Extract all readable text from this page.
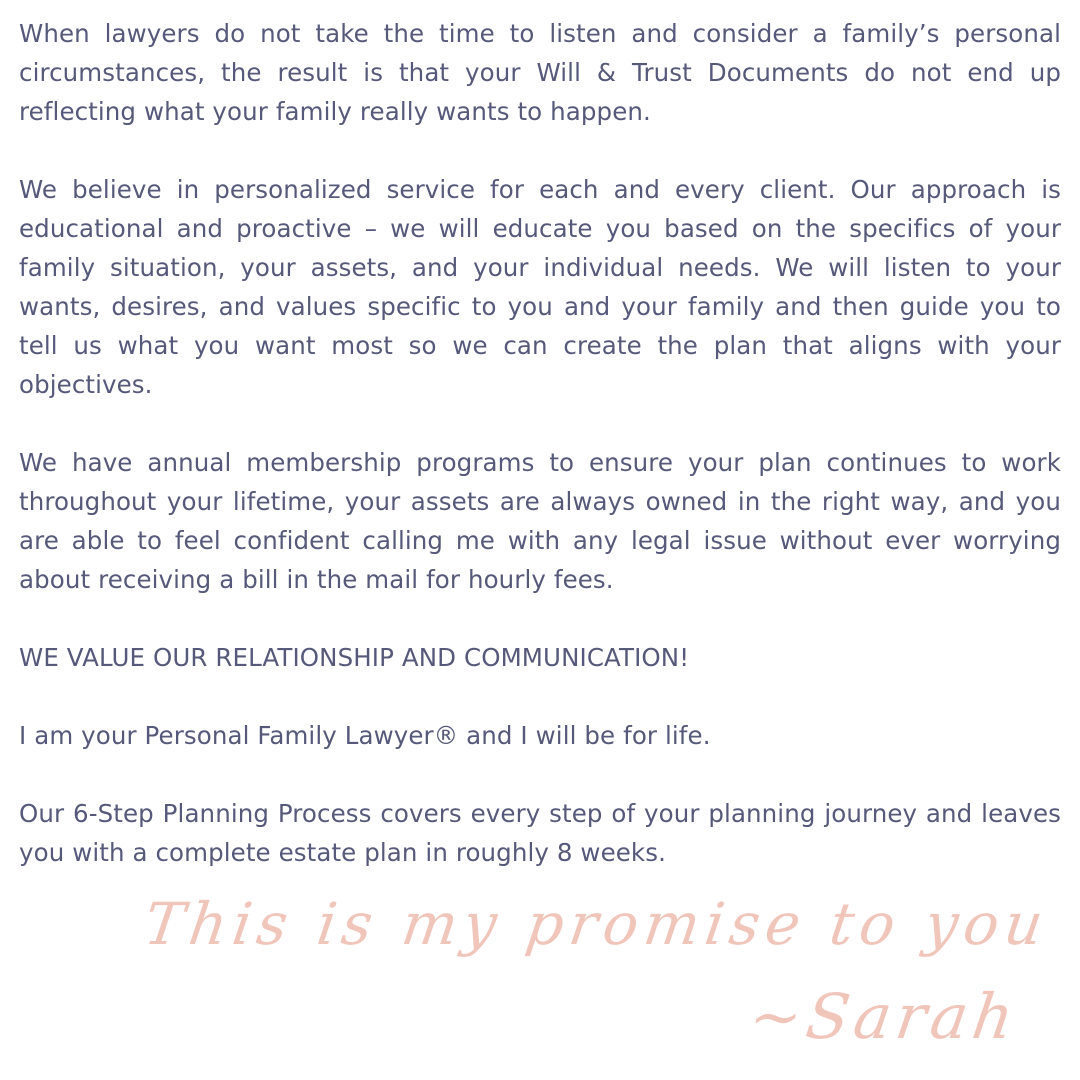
When lawyers do not take the time to listen and consider a family’s personal circumstances, the result is that your Will & Trust Documents do not end up reflecting what your family really wants to happen.

We believe in personalized service for each and every client. Our approach is educational and proactive – we will educate you based on the specifics of your family situation, your assets, and your individual needs. We will listen to your wants, desires, and values specific to you and your family and then guide you to tell us what you want most so we can create the plan that aligns with your objectives.

We have annual membership programs to ensure your plan continues to work throughout your lifetime, your assets are always owned in the right way, and you are able to feel confident calling me with any legal issue without ever worrying about receiving a bill in the mail for hourly fees.

WE VALUE OUR RELATIONSHIP AND COMMUNICATION!

I am your Personal Family Lawyer® and I will be for life.

Our 6-Step Planning Process covers every step of your planning journey and leaves you with a complete estate plan in roughly 8 weeks.

This is my promise to you
~Sarah
